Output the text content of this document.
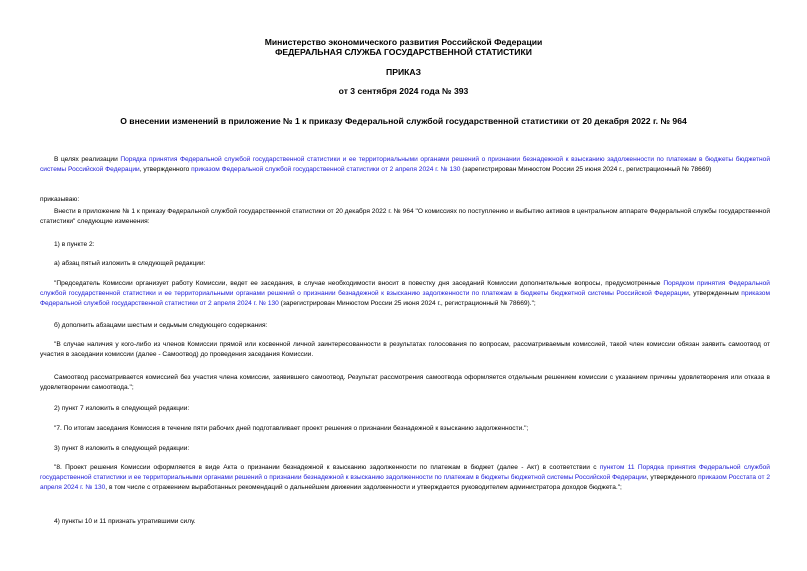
Министерство экономического развития Российской Федерации
ФЕДЕРАЛЬНАЯ СЛУЖБА ГОСУДАРСТВЕННОЙ СТАТИСТИКИ
ПРИКАЗ
от 3 сентября 2024 года № 393
О внесении изменений в приложение № 1 к приказу Федеральной службой государственной статистики от 20 декабря 2022 г. № 964
В целях реализации Порядка принятия Федеральной службой государственной статистики и ее территориальными органами решений о признании безнадежной к взысканию задолженности по платежам в бюджеты бюджетной системы Российской Федерации, утвержденного приказом Федеральной службой государственной статистики от 2 апреля 2024 г. № 130 (зарегистрирован Минюстом России 25 июня 2024 г., регистрационный № 78669)
приказываю:
Внести в приложение № 1 к приказу Федеральной службой государственной статистики от 20 декабря 2022 г. № 964 "О комиссиях по поступлению и выбытию активов в центральном аппарате Федеральной службы государственной статистики" следующие изменения:
1) в пункте 2:
а) абзац пятый изложить в следующей редакции:
"Председатель Комиссии организует работу Комиссии, ведет ее заседания, в случае необходимости вносит в повестку дня заседаний Комиссии дополнительные вопросы, предусмотренные Порядком принятия Федеральной службой государственной статистики и ее территориальными органами решений о признании безнадежной к взысканию задолженности по платежам в бюджеты бюджетной системы Российской Федерации, утвержденным приказом Федеральной службой государственной статистики от 2 апреля 2024 г. № 130 (зарегистрирован Минюстом России 25 июня 2024 г., регистрационный № 78669).";
б) дополнить абзацами шестым и седьмым следующего содержания:
"В случае наличия у кого-либо из членов Комиссии прямой или косвенной личной заинтересованности в результатах голосования по вопросам, рассматриваемым комиссией, такой член комиссии обязан заявить самоотвод от участия в заседании комиссии (далее - Самоотвод) до проведения заседания Комиссии.
Самоотвод рассматривается комиссией без участия члена комиссии, заявившего самоотвод. Результат рассмотрения самоотвода оформляется отдельным решением комиссии с указанием причины удовлетворения или отказа в удовлетворении самоотвода.";
2) пункт 7 изложить в следующей редакции:
"7. По итогам заседания Комиссия в течение пяти рабочих дней подготавливает проект решения о признании безнадежной к взысканию задолженности.";
3) пункт 8 изложить в следующей редакции:
"8. Проект решения Комиссии оформляется в виде Акта о признании безнадежной к взысканию задолженности по платежам в бюджет (далее - Акт) в соответствии с пунктом 11 Порядка принятия Федеральной службой государственной статистики и ее территориальными органами решений о признании безнадежной к взысканию задолженности по платежам в бюджеты бюджетной системы Российской Федерации, утвержденного приказом Росстата от 2 апреля 2024 г. № 130, в том числе с отражением выработанных рекомендаций о дальнейшем движении задолженности и утверждается руководителем администратора доходов бюджета.";
4) пункты 10 и 11 признать утратившими силу.
